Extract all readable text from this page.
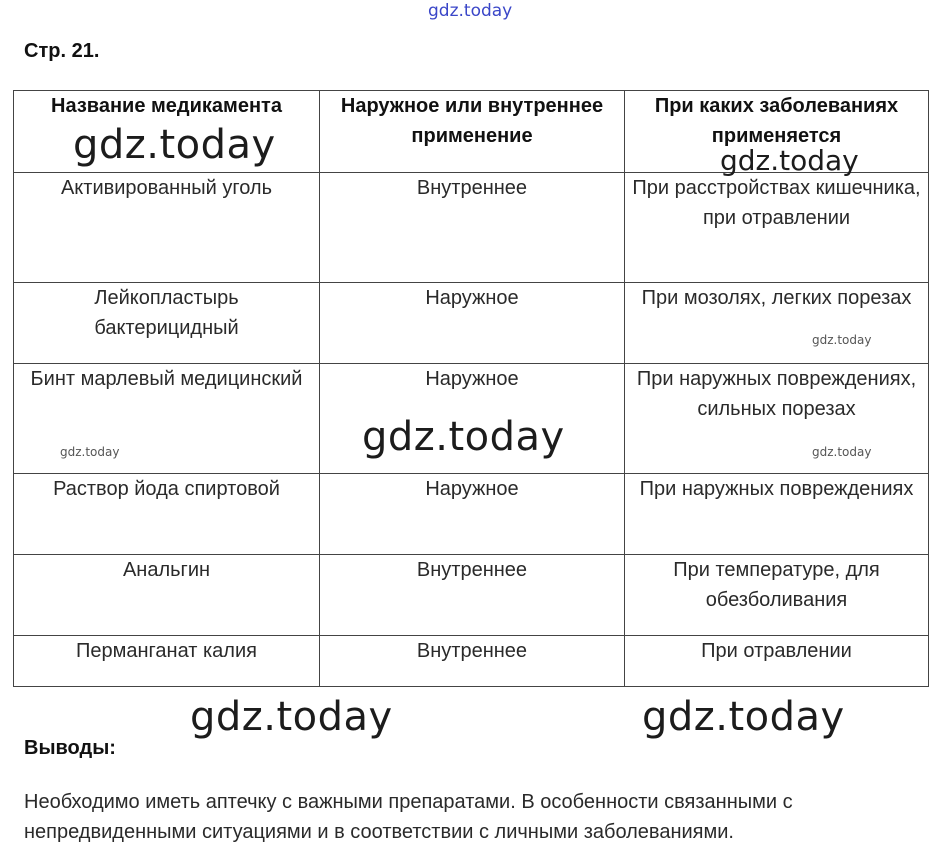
gdz.today
Стр. 21.
Название медикамента	Наружное или внутреннее применение	При каких заболеваниях применяется
Активированный уголь	Внутреннее	При расстройствах кишечника, при отравлении
Лейкопластырь бактерицидный	Наружное	При мозолях, легких порезах
Бинт марлевый медицинский	Наружное	При наружных повреждениях, сильных порезах
Раствор йода спиртовой	Наружное	При наружных повреждениях
Анальгин	Внутреннее	При температуре, для обезболивания
Перманганат калия	Внутреннее	При отравлении
gdz.today	gdz.today
gdz.today
gdz.today	gdz.today	gdz.today
gdz.today	gdz.today
Выводы:
Необходимо иметь аптечку с важными препаратами. В особенности связанными с непредвиденными ситуациями и в соответствии с личными заболеваниями.
